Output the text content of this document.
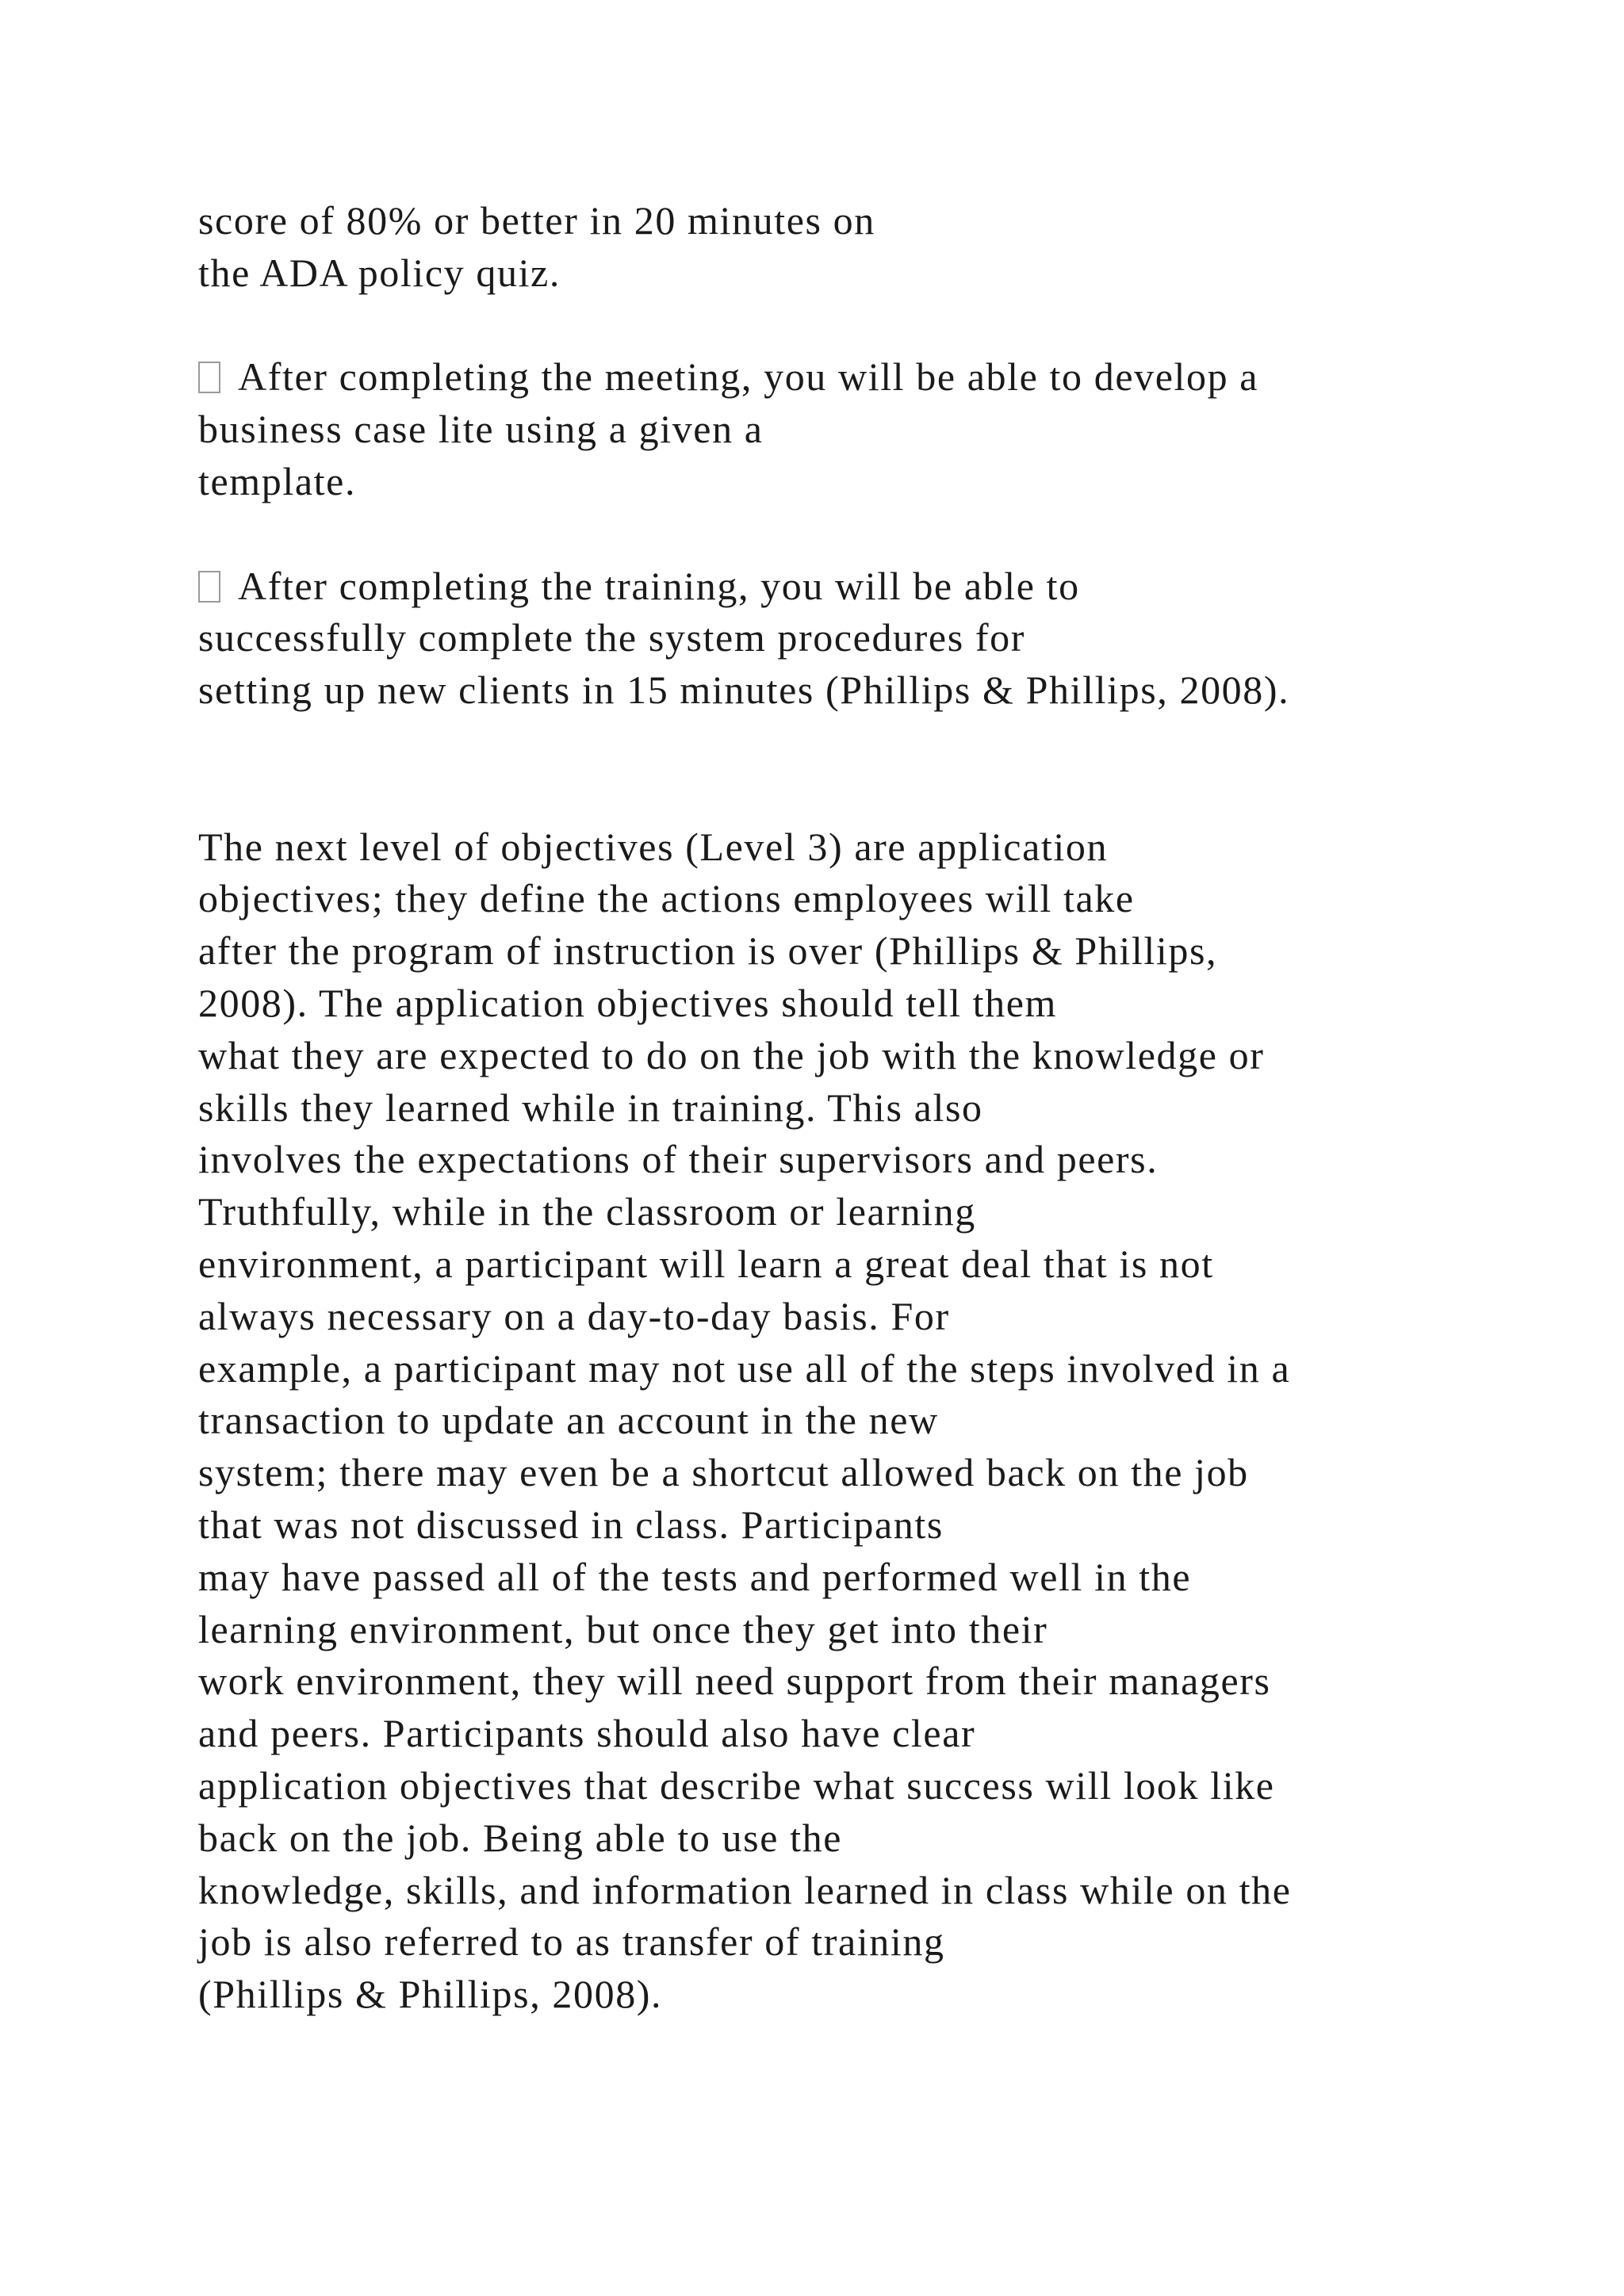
score of 80% or better in 20 minutes on
the ADA policy quiz.
After completing the meeting, you will be able to develop a
business case lite using a given a
template.
After completing the training, you will be able to
successfully complete the system procedures for
setting up new clients in 15 minutes (Phillips & Phillips, 2008).
The next level of objectives (Level 3) are application
objectives; they define the actions employees will take
after the program of instruction is over (Phillips & Phillips,
2008). The application objectives should tell them
what they are expected to do on the job with the knowledge or
skills they learned while in training. This also
involves the expectations of their supervisors and peers.
Truthfully, while in the classroom or learning
environment, a participant will learn a great deal that is not
always necessary on a day-to-day basis. For
example, a participant may not use all of the steps involved in a
transaction to update an account in the new
system; there may even be a shortcut allowed back on the job
that was not discussed in class. Participants
may have passed all of the tests and performed well in the
learning environment, but once they get into their
work environment, they will need support from their managers
and peers. Participants should also have clear
application objectives that describe what success will look like
back on the job. Being able to use the
knowledge, skills, and information learned in class while on the
job is also referred to as transfer of training
(Phillips & Phillips, 2008).
